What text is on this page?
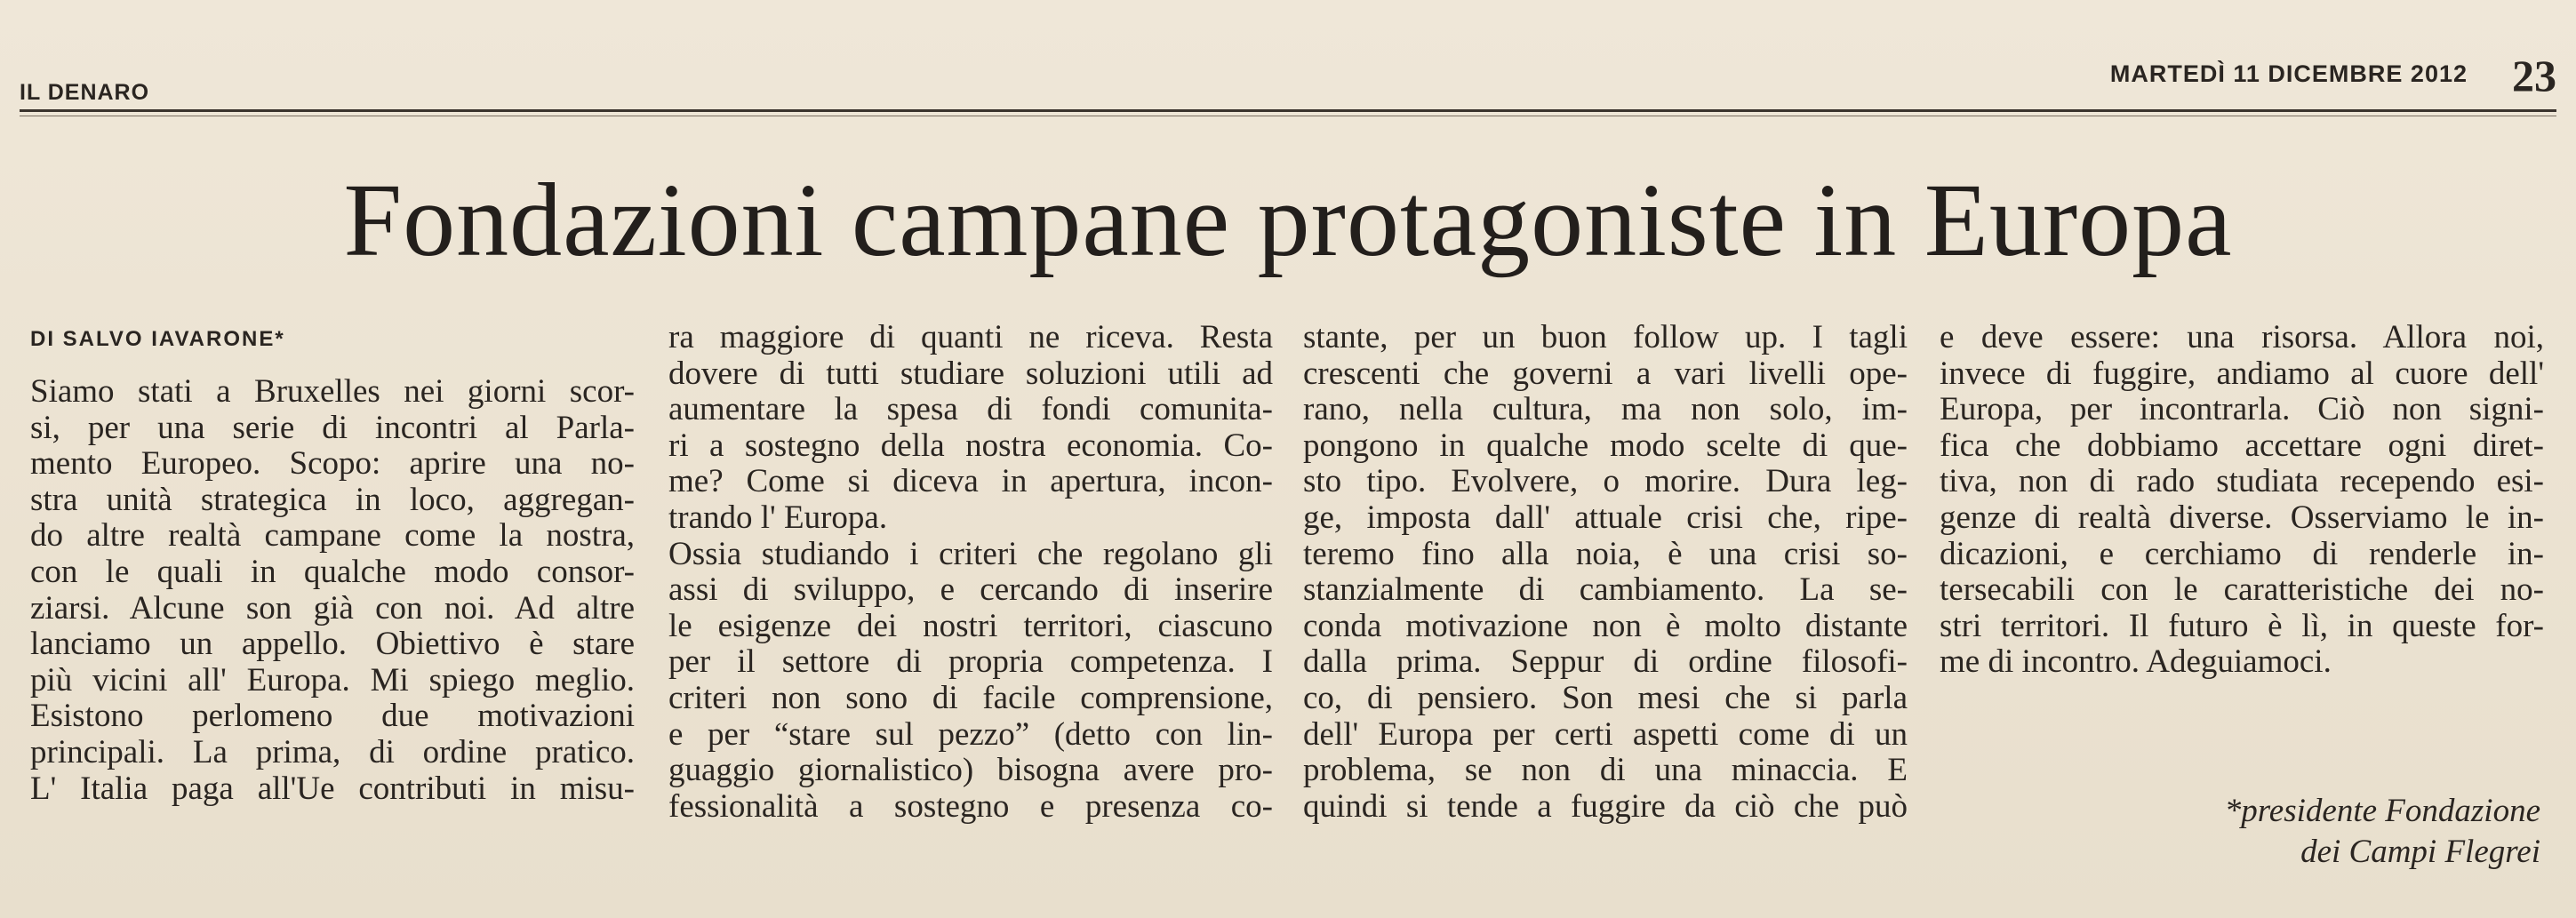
IL DENARO
MARTEDÌ 11 DICEMBRE 2012 23
Fondazioni campane protagoniste in Europa
DI SALVO IAVARONE*
Siamo stati a Bruxelles nei giorni scor-
si, per una serie di incontri al Parla-
mento Europeo. Scopo: aprire una no-
stra unità strategica in loco, aggregan-
do altre realtà campane come la nostra,
con le quali in qualche modo consor-
ziarsi. Alcune son già con noi. Ad altre
lanciamo un appello. Obiettivo è stare
più vicini all' Europa. Mi spiego meglio.
Esistono perlomeno due motivazioni
principali. La prima, di ordine pratico.
L' Italia paga all'Ue contributi in misu-
ra maggiore di quanti ne riceva. Resta
dovere di tutti studiare soluzioni utili ad
aumentare la spesa di fondi comunita-
ri a sostegno della nostra economia. Co-
me? Come si diceva in apertura, incon-
trando l' Europa.
Ossia studiando i criteri che regolano gli
assi di sviluppo, e cercando di inserire
le esigenze dei nostri territori, ciascuno
per il settore di propria competenza. I
criteri non sono di facile comprensione,
e per “stare sul pezzo” (detto con lin-
guaggio giornalistico) bisogna avere pro-
fessionalità a sostegno e presenza co-
stante, per un buon follow up. I tagli
crescenti che governi a vari livelli ope-
rano, nella cultura, ma non solo, im-
pongono in qualche modo scelte di que-
sto tipo. Evolvere, o morire. Dura leg-
ge, imposta dall' attuale crisi che, ripe-
teremo fino alla noia, è una crisi so-
stanzialmente di cambiamento. La se-
conda motivazione non è molto distante
dalla prima. Seppur di ordine filosofi-
co, di pensiero. Son mesi che si parla
dell' Europa per certi aspetti come di un
problema, se non di una minaccia. E
quindi si tende a fuggire da ciò che può
e deve essere: una risorsa. Allora noi,
invece di fuggire, andiamo al cuore dell'
Europa, per incontrarla. Ciò non signi-
fica che dobbiamo accettare ogni diret-
tiva, non di rado studiata recependo esi-
genze di realtà diverse. Osserviamo le in-
dicazioni, e cerchiamo di renderle in-
tersecabili con le caratteristiche dei no-
stri territori. Il futuro è lì, in queste for-
me di incontro. Adeguiamoci.
*presidente Fondazione
dei Campi Flegrei
